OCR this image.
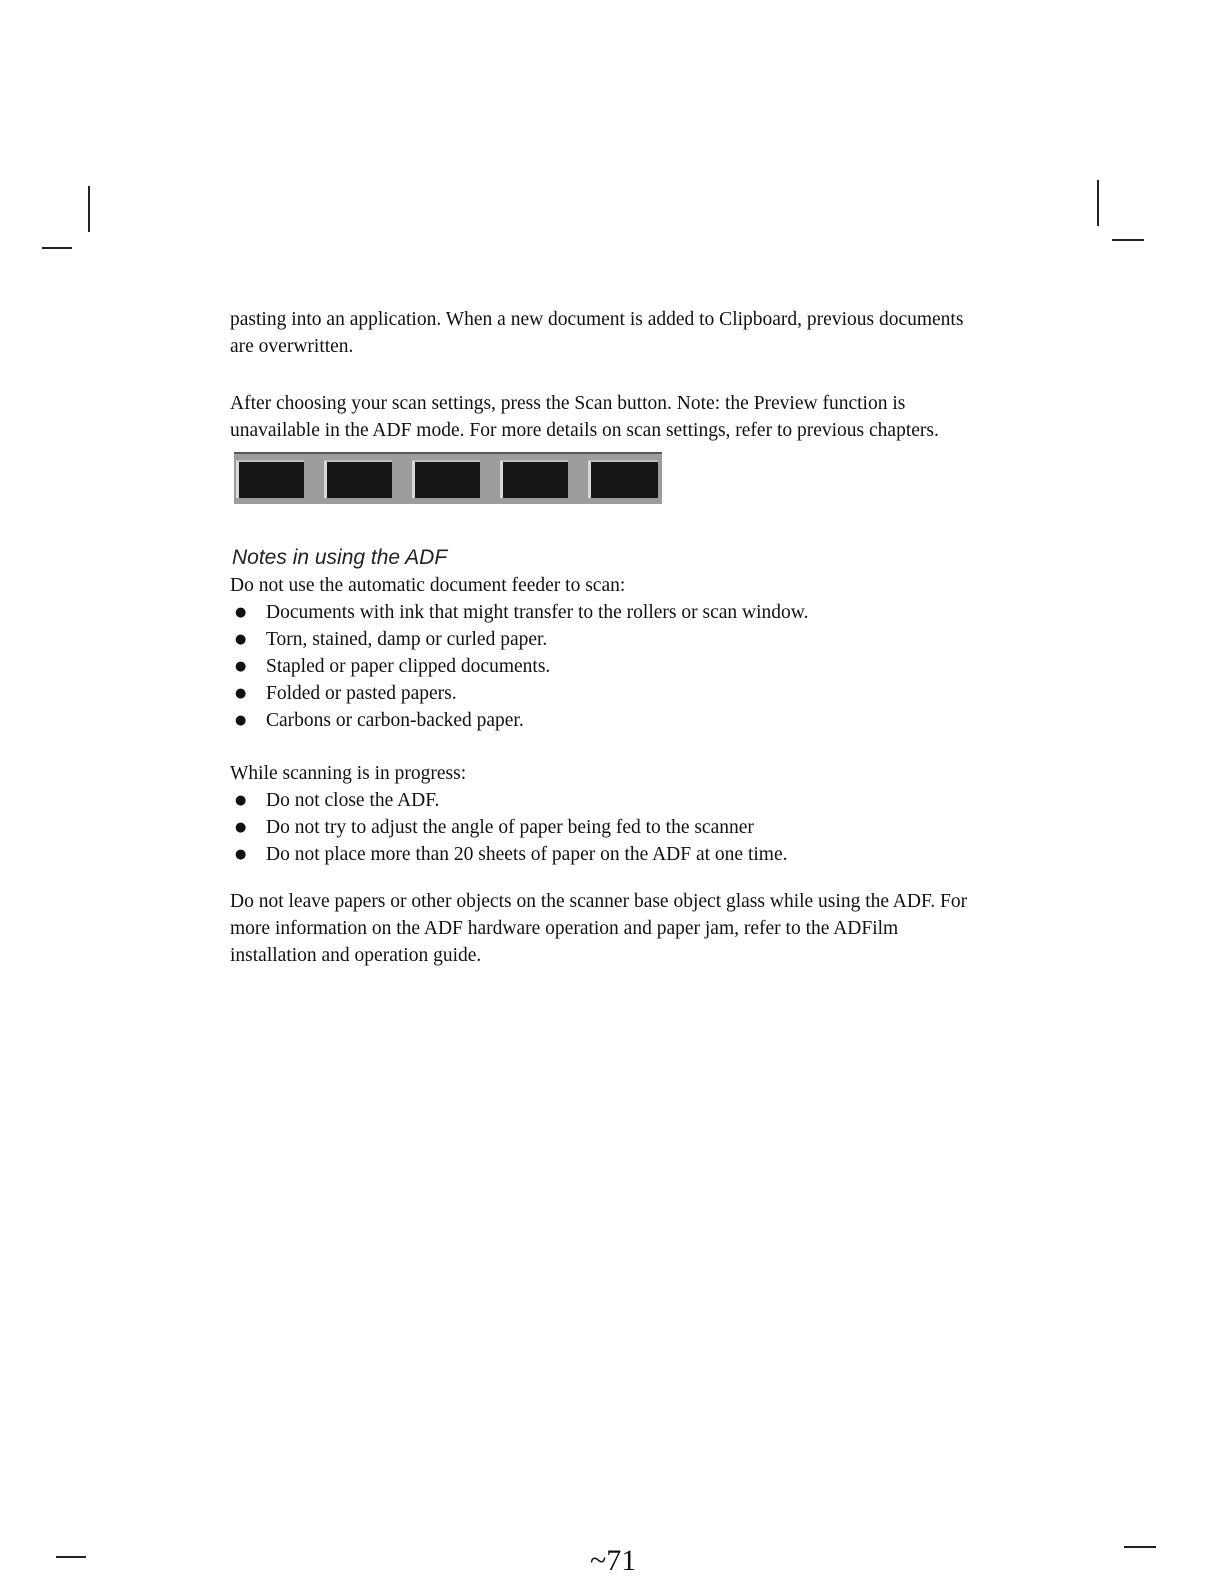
pasting into an application. When a new document is added to Clipboard, previous documents are overwritten.

After choosing your scan settings, press the Scan button. Note: the Preview function is unavailable in the ADF mode. For more details on scan settings, refer to previous chapters.

Notes in using the ADF

Do not use the automatic document feeder to scan:

● Documents with ink that might transfer to the rollers or scan window.
● Torn, stained, damp or curled paper.
● Stapled or paper clipped documents.
● Folded or pasted papers.
● Carbons or carbon-backed paper.

While scanning is in progress:

● Do not close the ADF.
● Do not try to adjust the angle of paper being fed to the scanner
● Do not place more than 20 sheets of paper on the ADF at one time.

Do not leave papers or other objects on the scanner base object glass while using the ADF. For more information on the ADF hardware operation and paper jam, refer to the ADFilm installation and operation guide.

~71
